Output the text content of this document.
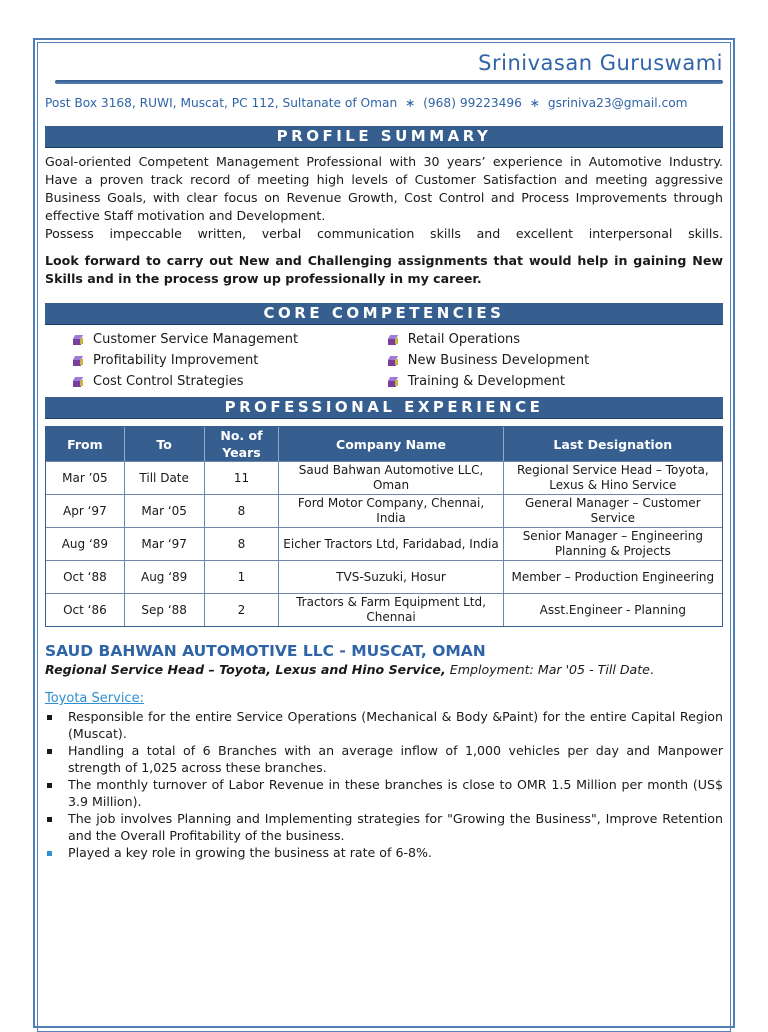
Srinivasan Guruswami
Post Box 3168, RUWI, Muscat, PC 112, Sultanate of Oman ∗ (968) 99223496 ∗ gsriniva23@gmail.com
PROFILE SUMMARY
Goal-oriented Competent Management Professional with 30 years’ experience in Automotive Industry. Have a proven track record of meeting high levels of Customer Satisfaction and meeting aggressive Business Goals, with clear focus on Revenue Growth, Cost Control and Process Improvements through effective Staff motivation and Development.
Possess impeccable written, verbal communication skills and excellent interpersonal skills.
Look forward to carry out New and Challenging assignments that would help in gaining New Skills and in the process grow up professionally in my career.
CORE COMPETENCIES
Customer Service Management
Profitability Improvement
Cost Control Strategies
Retail Operations
New Business Development
Training & Development
PROFESSIONAL EXPERIENCE
From	To	No. of Years	Company Name	Last Designation
Mar ’05	Till Date	11	Saud Bahwan Automotive LLC, Oman	Regional Service Head – Toyota, Lexus & Hino Service
Apr ‘97	Mar ‘05	8	Ford Motor Company, Chennai, India	General Manager – Customer Service
Aug ‘89	Mar ‘97	8	Eicher Tractors Ltd, Faridabad, India	Senior Manager – Engineering Planning & Projects
Oct ‘88	Aug ‘89	1	TVS-Suzuki, Hosur	Member – Production Engineering
Oct ‘86	Sep ‘88	2	Tractors & Farm Equipment Ltd, Chennai	Asst.Engineer - Planning
SAUD BAHWAN AUTOMOTIVE LLC - MUSCAT, OMAN
Regional Service Head – Toyota, Lexus and Hino Service, Employment: Mar '05 - Till Date.
Toyota Service:
Responsible for the entire Service Operations (Mechanical & Body &Paint) for the entire Capital Region (Muscat).
Handling a total of 6 Branches with an average inflow of 1,000 vehicles per day and Manpower strength of 1,025 across these branches.
The monthly turnover of Labor Revenue in these branches is close to OMR 1.5 Million per month (US$ 3.9 Million).
The job involves Planning and Implementing strategies for "Growing the Business", Improve Retention and the Overall Profitability of the business.
Played a key role in growing the business at rate of 6-8%.
